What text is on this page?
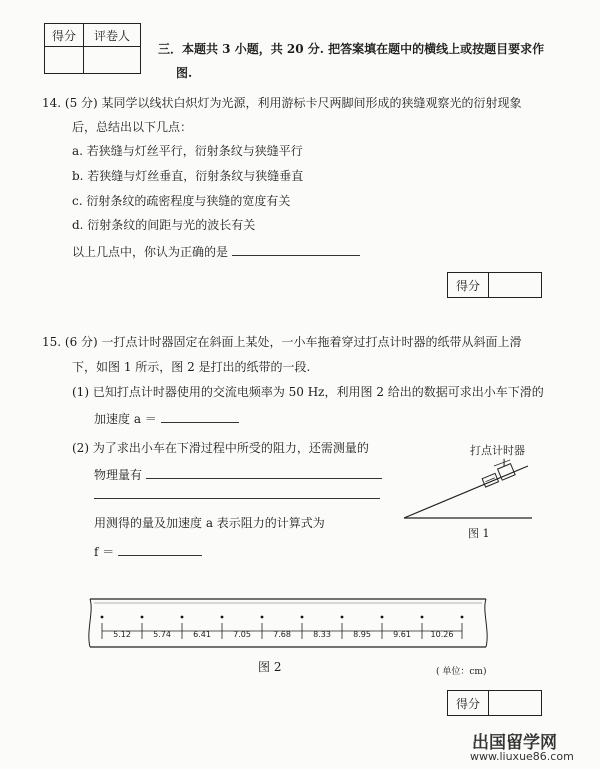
得分	评卷人

三．本题共 3 小题，共 20 分. 把答案填在题中的横线上或按题目要求作
图.
14. (5 分) 某同学以线状白炽灯为光源，利用游标卡尺两脚间形成的狭缝观察光的衍射现象
后，总结出以下几点：
a. 若狭缝与灯丝平行，衍射条纹与狭缝平行
b. 若狭缝与灯丝垂直，衍射条纹与狭缝垂直
c. 衍射条纹的疏密程度与狭缝的宽度有关
d. 衍射条纹的间距与光的波长有关
以上几点中，你认为正确的是
得分	
15. (6 分) 一打点计时器固定在斜面上某处，一小车拖着穿过打点计时器的纸带从斜面上滑
下，如图 1 所示，图 2 是打出的纸带的一段.
(1) 已知打点计时器使用的交流电频率为 50 Hz，利用图 2 给出的数据可求出小车下滑的
加速度 a ＝
(2) 为了求出小车在下滑过程中所受的阻力，还需测量的
物理量有
用测得的量及加速度 a 表示阻力的计算式为
f ＝
打点计时器
图 1
5.12	5.74	6.41	7.05	7.68	8.33	8.95	9.61 10.26
图 2	( 单位：cm)
得分	
出国留学网
www.liuxue86.com
